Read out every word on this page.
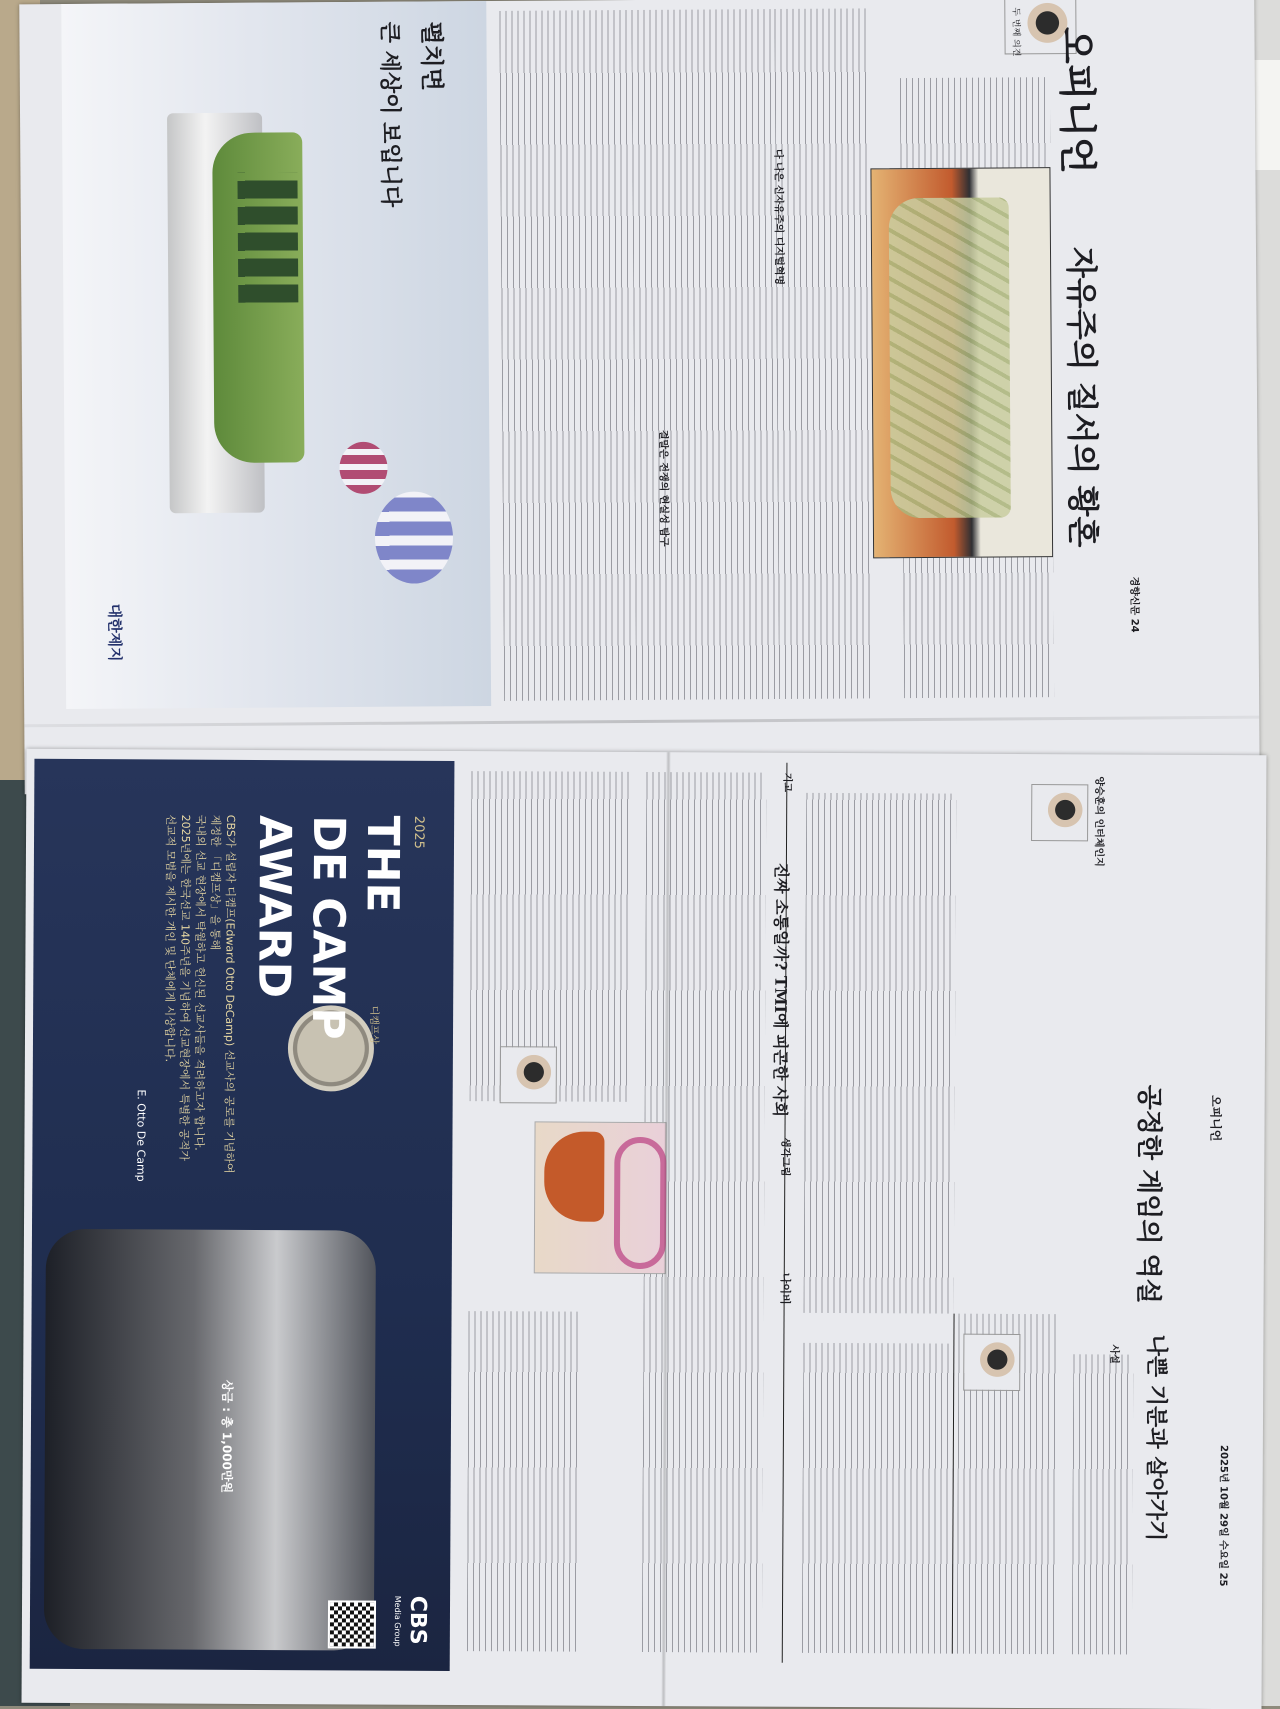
펼치면
큰 세상이 보입니다
대한제지
다 나은 신자유주의 디지털혁명
결말은 전쟁의 현실성 탐구
오피니언
자유주의 질서의 황혼
두 번째 의견
경향신문 24
2025
THE
DE CAMP
AWARD
디캠프상
CBS가 설립자 디캠프(Edward Otto DeCamp) 선교사의 공로를 기념하여
제정한 「디캠프상」을 통해
국내외 선교 현장에서 탁월하고 헌신된 선교사들을 격려하고자 합니다.
2025년에는 한국선교 140주년을 기념하여 선교현장에서 특별한 공적가
선교적 모범을 제시한 개인 및 단체에게 시상합니다.
E. Otto De Camp
상금 : 총 1,000만원
CBS
Media Group
오피니언
2025년 10월 29일 수요일 25
사설 나쁜 기분과 살아가기
공정한 게임의 역설
양승훈의 인터체인지
진짜 소통일까? TMI에 피곤한 사회
기고
생각그림
나이비
